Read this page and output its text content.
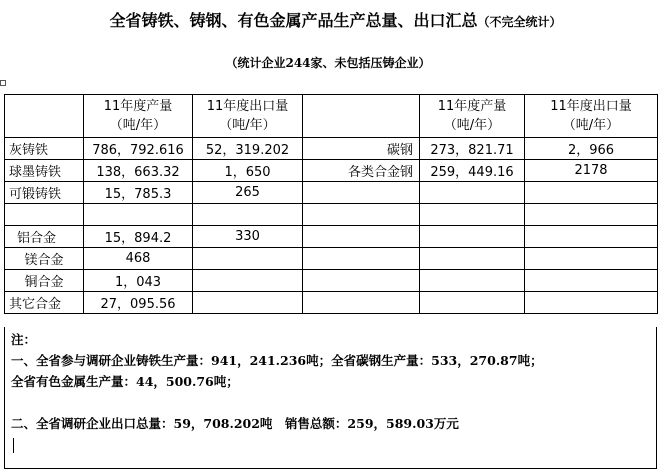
全省铸铁、铸钢、有色金属产品生产总量、出口汇总（不完全统计）
（统计企业244家、未包括压铸企业）
	11年度产量
（吨/年）	11年度出口量
（吨/年）		11年度产量
（吨/年）	11年度出口量
（吨/年）
灰铸铁	786，792.616	52，319.202	碳钢	273，821.71	2，966
球墨铸铁	138，663.32	1，650	各类合金钢	259，449.16	2178
可锻铸铁	15，785.3	265			

铝合金	15，894.2	330			
镁合金	468				
铜合金	1，043				
其它合金	27，095.56				
注：
一、全省参与调研企业铸铁生产量：941，241.236吨；全省碳钢生产量：533，270.87吨；
全省有色金属生产量：44，500.76吨；
二、全省调研企业出口总量：59，708.202吨　销售总额：259，589.03万元
